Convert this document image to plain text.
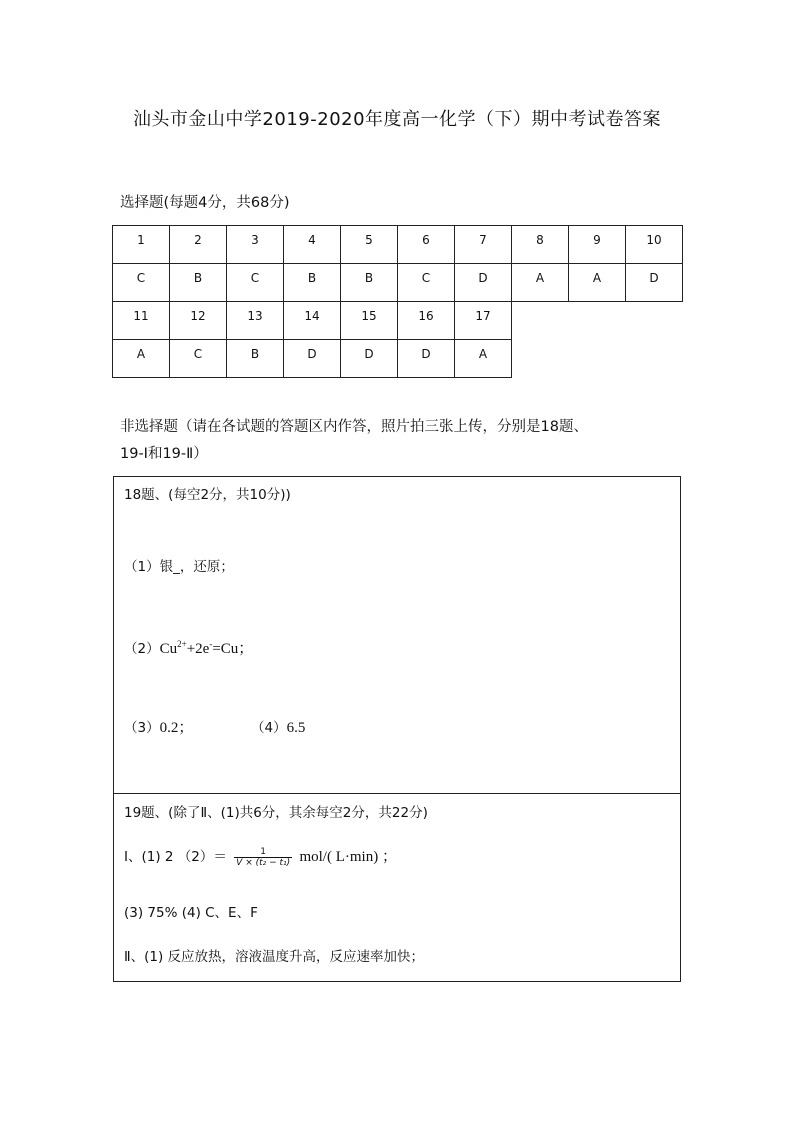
汕头市金山中学2019-2020年度高一化学（下）期中考试卷答案
选择题(每题4分，共68分)
1	2	3	4	5	6	7	8	9	10
C	B	C	B	B	C	D	A	A	D
11	12	13	14	15	16	17
A	C	B	D	D	D	A
非选择题（请在各试题的答题区内作答，照片拍三张上传，分别是18题、
19-Ⅰ和19-Ⅱ）
18题、(每空2分，共10分))
（1）银_，还原；
$(2)Cu^{2+}+2e^-=Cu$；
（3）0.2；	（4）6.5
19题、(除了Ⅱ、(1)共6分，其余每空2分，共22分)
Ⅰ、(1) 2 $(2)= \frac{1}{\text{V × (t₂ − t₁)}} mol/$( L·min) ；
(3) 75% (4) C、E、F
Ⅱ、(1) 反应放热，溶液温度升高，反应速率加快；
